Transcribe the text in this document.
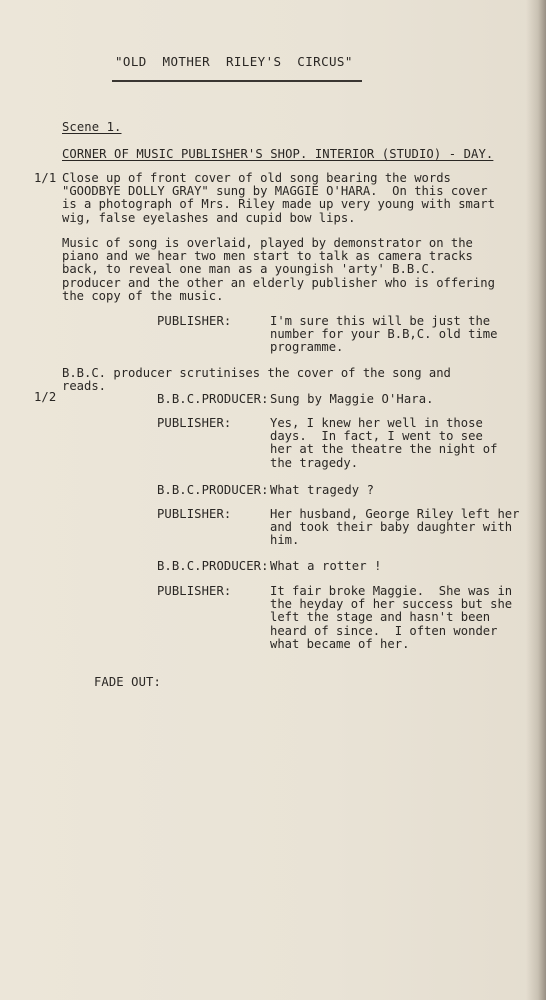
"OLD  MOTHER  RILEY'S  CIRCUS"
Scene 1.
CORNER OF MUSIC PUBLISHER'S SHOP. INTERIOR (STUDIO) - DAY.
1/1 Close up of front cover of old song bearing the words
"GOODBYE DOLLY GRAY" sung by MAGGIE O'HARA.  On this cover
is a photograph of Mrs. Riley made up very young with smart
wig, false eyelashes and cupid bow lips.
Music of song is overlaid, played by demonstrator on the
piano and we hear two men start to talk as camera tracks
back, to reveal one man as a youngish 'arty' B.B.C.
producer and the other an elderly publisher who is offering
the copy of the music.
PUBLISHER:	I'm sure this will be just the
number for your B.B,C. old time
programme.
B.B.C. producer scrutinises the cover of the song and
reads.
1/2	B.B.C.PRODUCER: Sung by Maggie O'Hara.
PUBLISHER:	Yes, I knew her well in those
days.  In fact, I went to see
her at the theatre the night of
the tragedy.
B.B.C.PRODUCER: What tragedy ?
PUBLISHER:	Her husband, George Riley left her
and took their baby daughter with
him.
B.B.C.PRODUCER: What a rotter !
PUBLISHER:	It fair broke Maggie.  She was in
the heyday of her success but she
left the stage and hasn't been
heard of since.  I often wonder
what became of her.
FADE OUT:
